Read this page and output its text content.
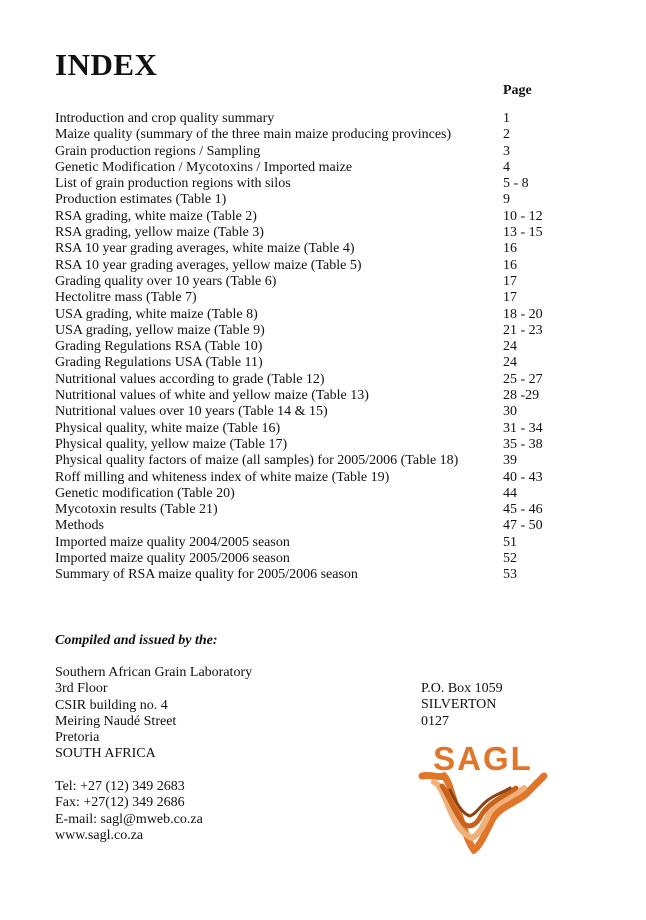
INDEX
Page
Introduction and crop quality summary	1
Maize quality (summary of the three main maize producing provinces)	2
Grain production regions / Sampling	3
Genetic Modification / Mycotoxins / Imported maize	4
List of grain production regions with silos	5 - 8
Production estimates (Table 1)	9
RSA grading, white maize (Table 2)	10 - 12
RSA grading, yellow maize (Table 3)	13 - 15
RSA 10 year grading averages, white maize (Table 4)	16
RSA 10 year grading averages, yellow maize (Table 5)	16
Grading quality over 10 years (Table 6)	17
Hectolitre mass (Table 7)	17
USA grading, white maize (Table 8)	18 - 20
USA grading, yellow maize (Table 9)	21 - 23
Grading Regulations RSA (Table 10)	24
Grading Regulations USA (Table 11)	24
Nutritional values according to grade (Table 12)	25 - 27
Nutritional values of white and yellow maize (Table 13)	28 -29
Nutritional values over 10 years (Table 14 & 15)	30
Physical quality, white maize (Table 16)	31 - 34
Physical quality, yellow maize (Table 17)	35 - 38
Physical quality factors of maize (all samples) for 2005/2006 (Table 18)	39
Roff milling and whiteness index of white maize (Table 19)	40 - 43
Genetic modification (Table 20)	44
Mycotoxin results (Table 21)	45 - 46
Methods	47 - 50
Imported maize quality 2004/2005 season	51
Imported maize quality 2005/2006 season	52
Summary of RSA maize quality for 2005/2006 season	53
Compiled and issued by the:
Southern African Grain Laboratory
3rd Floor
CSIR building no. 4
Meiring Naudé Street
Pretoria
SOUTH AFRICA
P.O. Box 1059
SILVERTON
0127
Tel: +27 (12) 349 2683
Fax: +27(12) 349 2686
E-mail: sagl@mweb.co.za
www.sagl.co.za
SAGL
